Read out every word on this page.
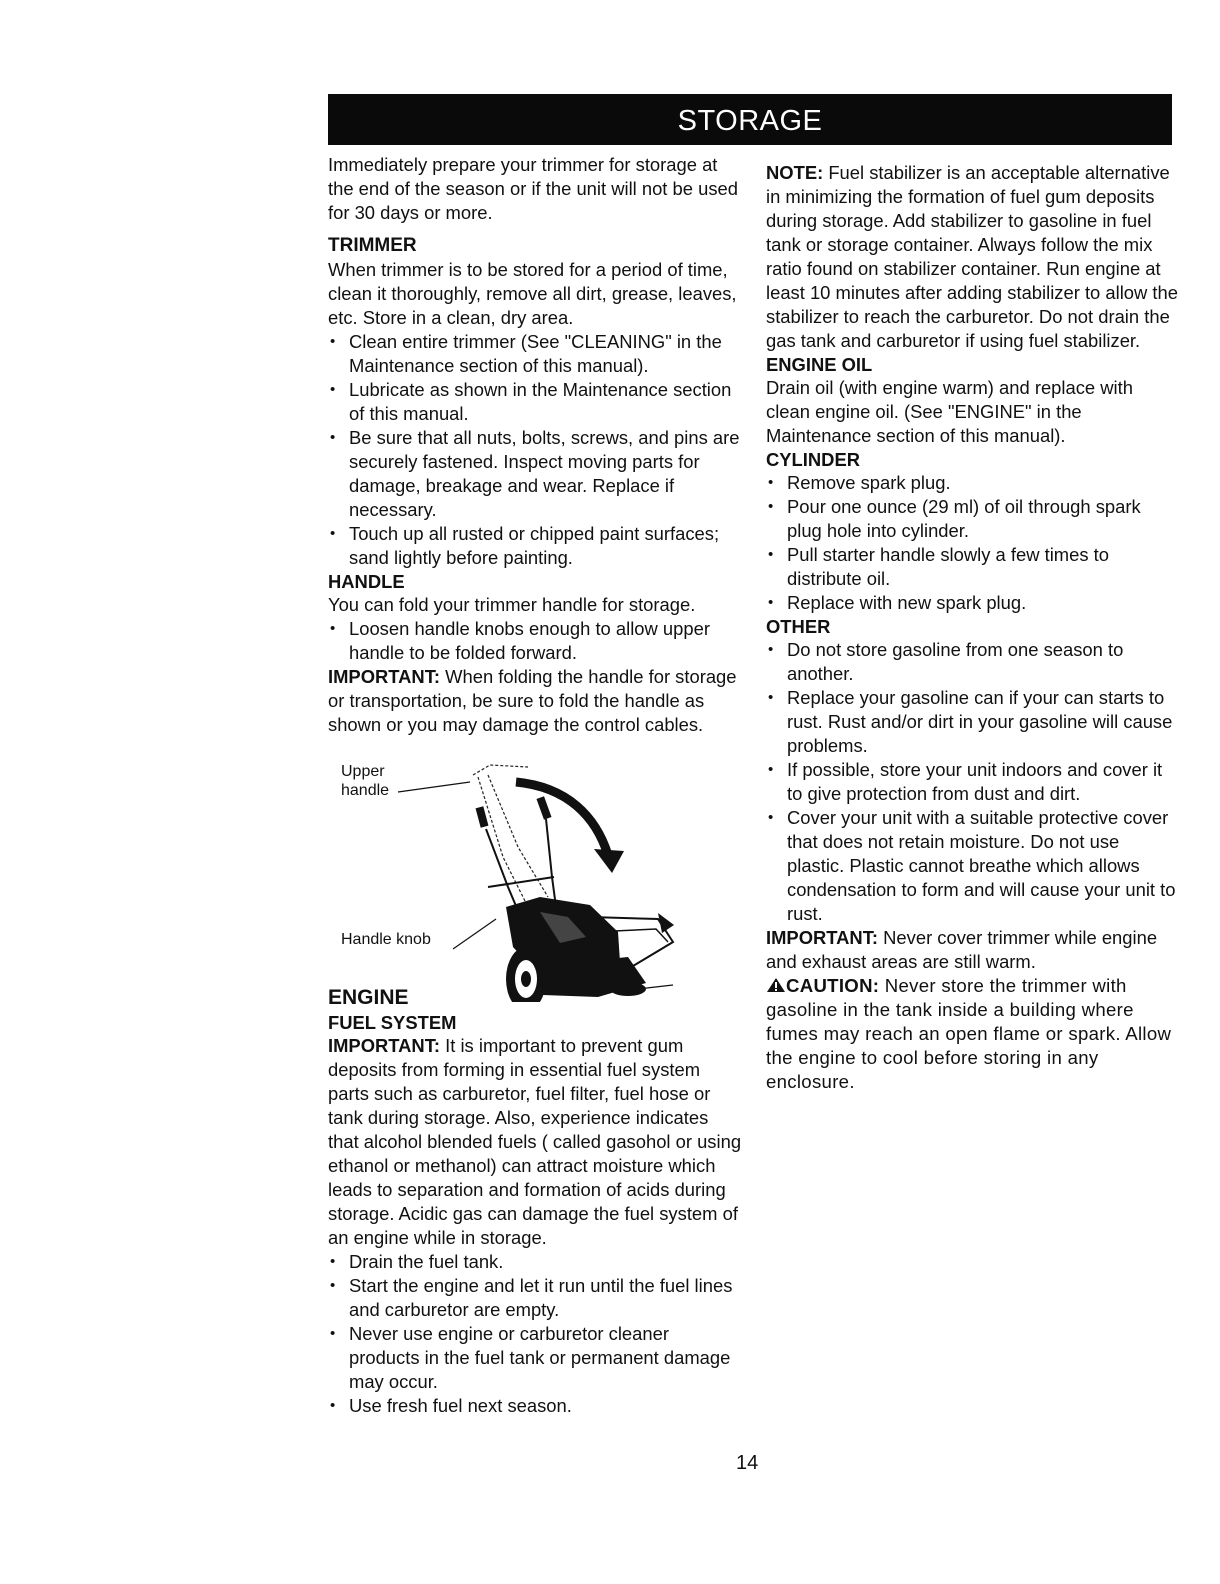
STORAGE

Immediately prepare your trimmer for storage at the end of the season or if the unit will not be used for 30 days or more.

TRIMMER

When trimmer is to be stored for a period of time, clean it thoroughly, remove all dirt, grease, leaves, etc. Store in a clean, dry area.

• Clean entire trimmer (See "CLEANING" in the Maintenance section of this manual).
• Lubricate as shown in the Maintenance section of this manual.
• Be sure that all nuts, bolts, screws, and pins are securely fastened. Inspect moving parts for damage, breakage and wear. Replace if necessary.
• Touch up all rusted or chipped paint surfaces; sand lightly before painting.
HANDLE

You can fold your trimmer handle for storage.

• Loosen handle knobs enough to allow upper handle to be folded forward.

IMPORTANT: When folding the handle for storage or transportation, be sure to fold the handle as shown or you may damage the control cables.

Upper
handle
Handle knob
ENGINE
FUEL SYSTEM

IMPORTANT: It is important to prevent gum deposits from forming in essential fuel system parts such as carburetor, fuel filter, fuel hose or tank during storage. Also, experience indicates that alcohol blended fuels ( called gasohol or using ethanol or methanol) can attract moisture which leads to separation and formation of acids during storage. Acidic gas can damage the fuel system of an engine while in storage.

• Drain the fuel tank.
• Start the engine and let it run until the fuel lines and carburetor are empty.
• Never use engine or carburetor cleaner products in the fuel tank or permanent damage may occur.
• Use fresh fuel next season.

NOTE: Fuel stabilizer is an acceptable alternative in minimizing the formation of fuel gum deposits during storage. Add stabilizer to gasoline in fuel tank or storage container. Always follow the mix ratio found on stabilizer container. Run engine at least 10 minutes after adding stabilizer to allow the stabilizer to reach the carburetor. Do not drain the gas tank and carburetor if using fuel stabilizer.

ENGINE OIL

Drain oil (with engine warm) and replace with clean engine oil. (See "ENGINE" in the Maintenance section of this manual).

CYLINDER
• Remove spark plug.
• Pour one ounce (29 ml) of oil through spark plug hole into cylinder.
• Pull starter handle slowly a few times to distribute oil.
• Replace with new spark plug.
OTHER
• Do not store gasoline from one season to another.
• Replace your gasoline can if your can starts to rust. Rust and/or dirt in your gasoline will cause problems.
• If possible, store your unit indoors and cover it to give protection from dust and dirt.
• Cover your unit with a suitable protective cover that does not retain moisture. Do not use plastic. Plastic cannot breathe which allows condensation to form and will cause your unit to rust.

IMPORTANT: Never cover trimmer while engine and exhaust areas are still warm.

CAUTION: Never store the trimmer with gasoline in the tank inside a building where fumes may reach an open flame or spark. Allow the engine to cool before storing in any enclosure.

14
